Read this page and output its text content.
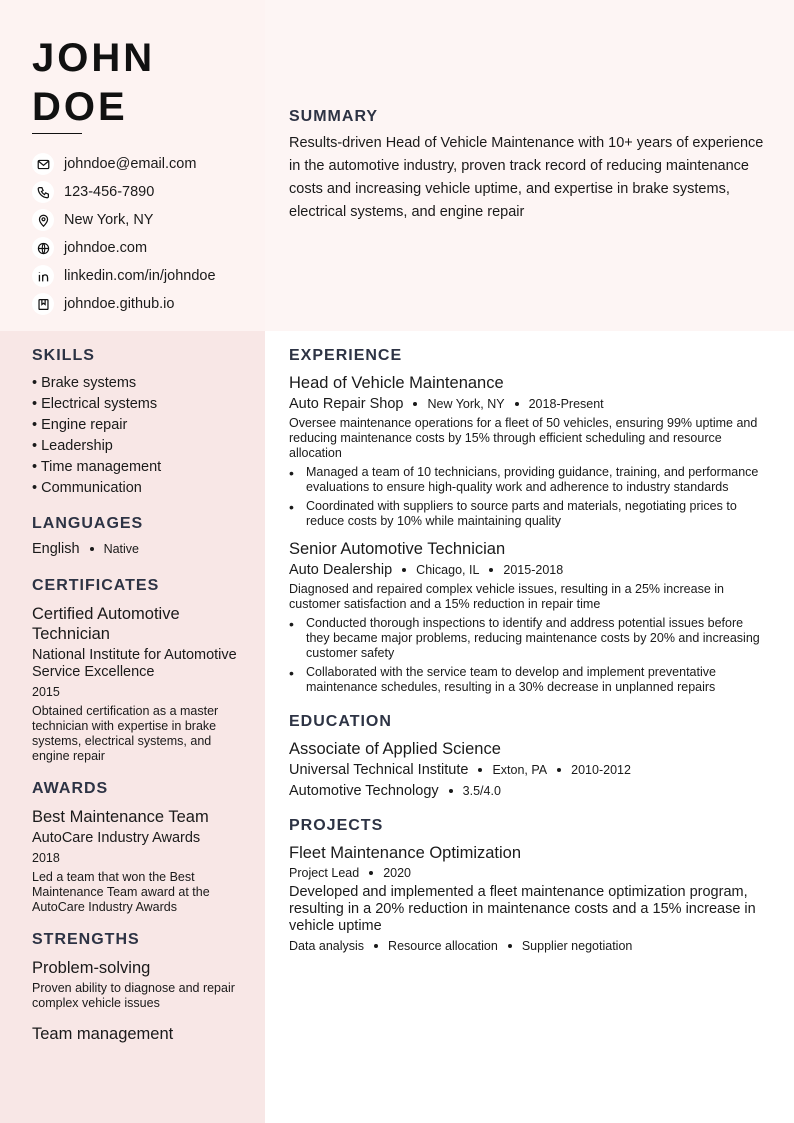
JOHN
DOE
johndoe@email.com
123-456-7890
New York, NY
johndoe.com
linkedin.com/in/johndoe
johndoe.github.io
SUMMARY

Results-driven Head of Vehicle Maintenance with 10+ years of experience in the automotive industry, proven track record of reducing maintenance costs and increasing vehicle uptime, and expertise in brake systems, electrical systems, and engine repair

SKILLS
• Brake systems
• Electrical systems
• Engine repair
• Leadership
• Time management
• Communication
LANGUAGES
English Native
CERTIFICATES
Certified Automotive Technician
National Institute for Automotive Service Excellence
2015
Obtained certification as a master technician with expertise in brake systems, electrical systems, and engine repair
AWARDS
Best Maintenance Team
AutoCare Industry Awards
2018
Led a team that won the Best Maintenance Team award at the AutoCare Industry Awards
STRENGTHS
Problem-solving
Proven ability to diagnose and repair complex vehicle issues
Team management
EXPERIENCE
Head of Vehicle Maintenance
Auto Repair Shop New York, NY 2018-Present

Oversee maintenance operations for a fleet of 50 vehicles, ensuring 99% uptime and reducing maintenance costs by 15% through efficient scheduling and resource allocation

• Managed a team of 10 technicians, providing guidance, training, and performance evaluations to ensure high-quality work and adherence to industry standards
• Coordinated with suppliers to source parts and materials, negotiating prices to reduce costs by 10% while maintaining quality
Senior Automotive Technician
Auto Dealership Chicago, IL 2015-2018

Diagnosed and repaired complex vehicle issues, resulting in a 25% increase in customer satisfaction and a 15% reduction in repair time

• Conducted thorough inspections to identify and address potential issues before they became major problems, reducing maintenance costs by 20% and increasing customer safety
• Collaborated with the service team to develop and implement preventative maintenance schedules, resulting in a 30% decrease in unplanned repairs
EDUCATION
Associate of Applied Science
Universal Technical Institute Exton, PA 2010-2012
Automotive Technology 3.5/4.0
PROJECTS
Fleet Maintenance Optimization
Project Lead 2020

Developed and implemented a fleet maintenance optimization program, resulting in a 20% reduction in maintenance costs and a 15% increase in vehicle uptime

Data analysis Resource allocation Supplier negotiation
